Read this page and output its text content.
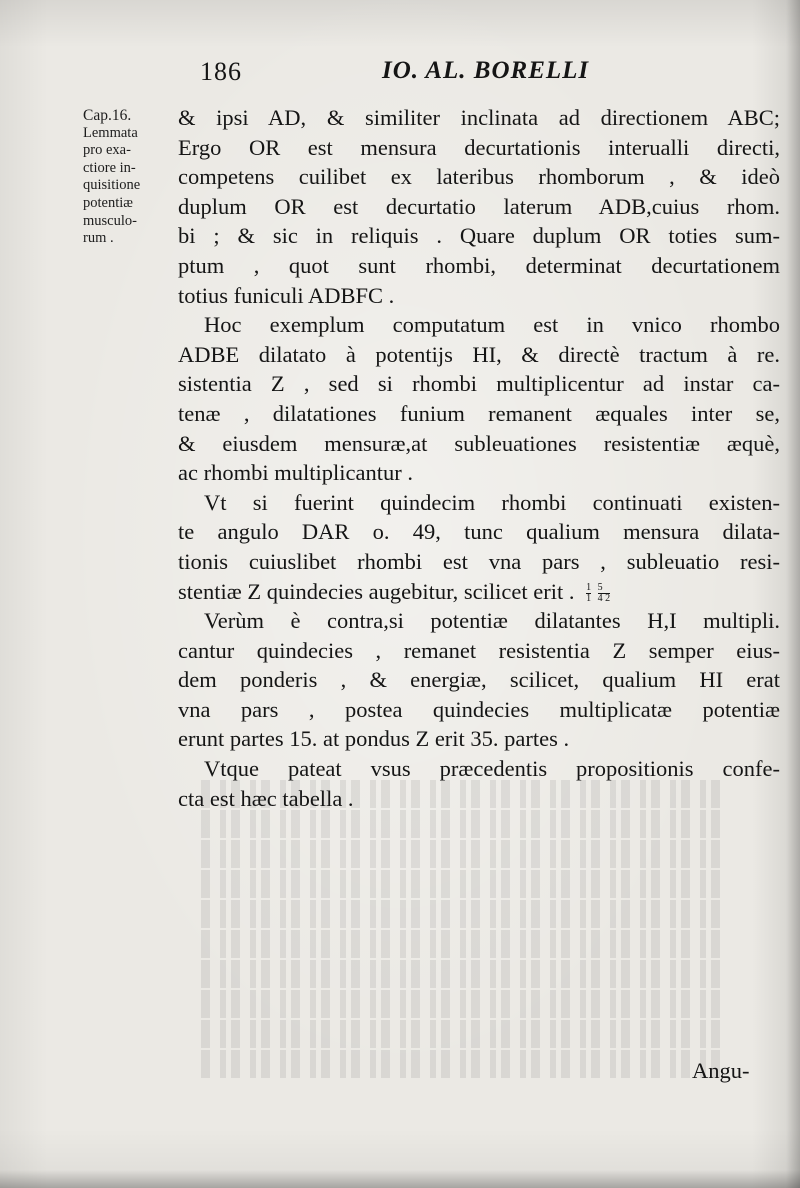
186	IO. AL. BORELLI
Cap.16.
Lemmata
pro exa-
ctiore in-
quisitione
potentiæ
musculo-
rum .
& ipsi AD, & similiter inclinata ad directionem ABC;
Ergo OR est mensura decurtationis interualli directi,
competens cuilibet ex lateribus rhomborum , & ideò
duplum OR est decurtatio laterum ADB,cuius rhom.
bi ; & sic in reliquis . Quare duplum OR toties sum-
ptum , quot sunt rhombi, determinat decurtationem
totius funiculi ADBFC .
Hoc exemplum computatum est in vnico rhombo
ADBE dilatato à potentijs HI, & directè tractum à re.
sistentia Z , sed si rhombi multiplicentur ad instar ca-
tenæ , dilatationes funium remanent æquales inter se,
& eiusdem mensuræ,at subleuationes resistentiæ æquè,
ac rhombi multiplicantur .
Vt si fuerint quindecim rhombi continuati existen-
te angulo DAR o. 49, tunc qualium mensura dilata-
tionis cuiuslibet rhombi est vna pars , subleuatio resi-
stentiæ Z quindecies augebitur, scilicet erit . $\frac{1}{1}$
$\frac{5}{4 2}$
Verùm è contra,si potentiæ dilatantes H,I multipli.
cantur quindecies , remanet resistentia Z semper eius-
dem ponderis , & energiæ, scilicet, qualium HI erat
vna pars , postea quindecies multiplicatæ potentiæ
erunt partes 15. at pondus Z erit 35. partes .
Vtque pateat vsus præcedentis propositionis confe-
cta est hæc tabella .
Angu-
